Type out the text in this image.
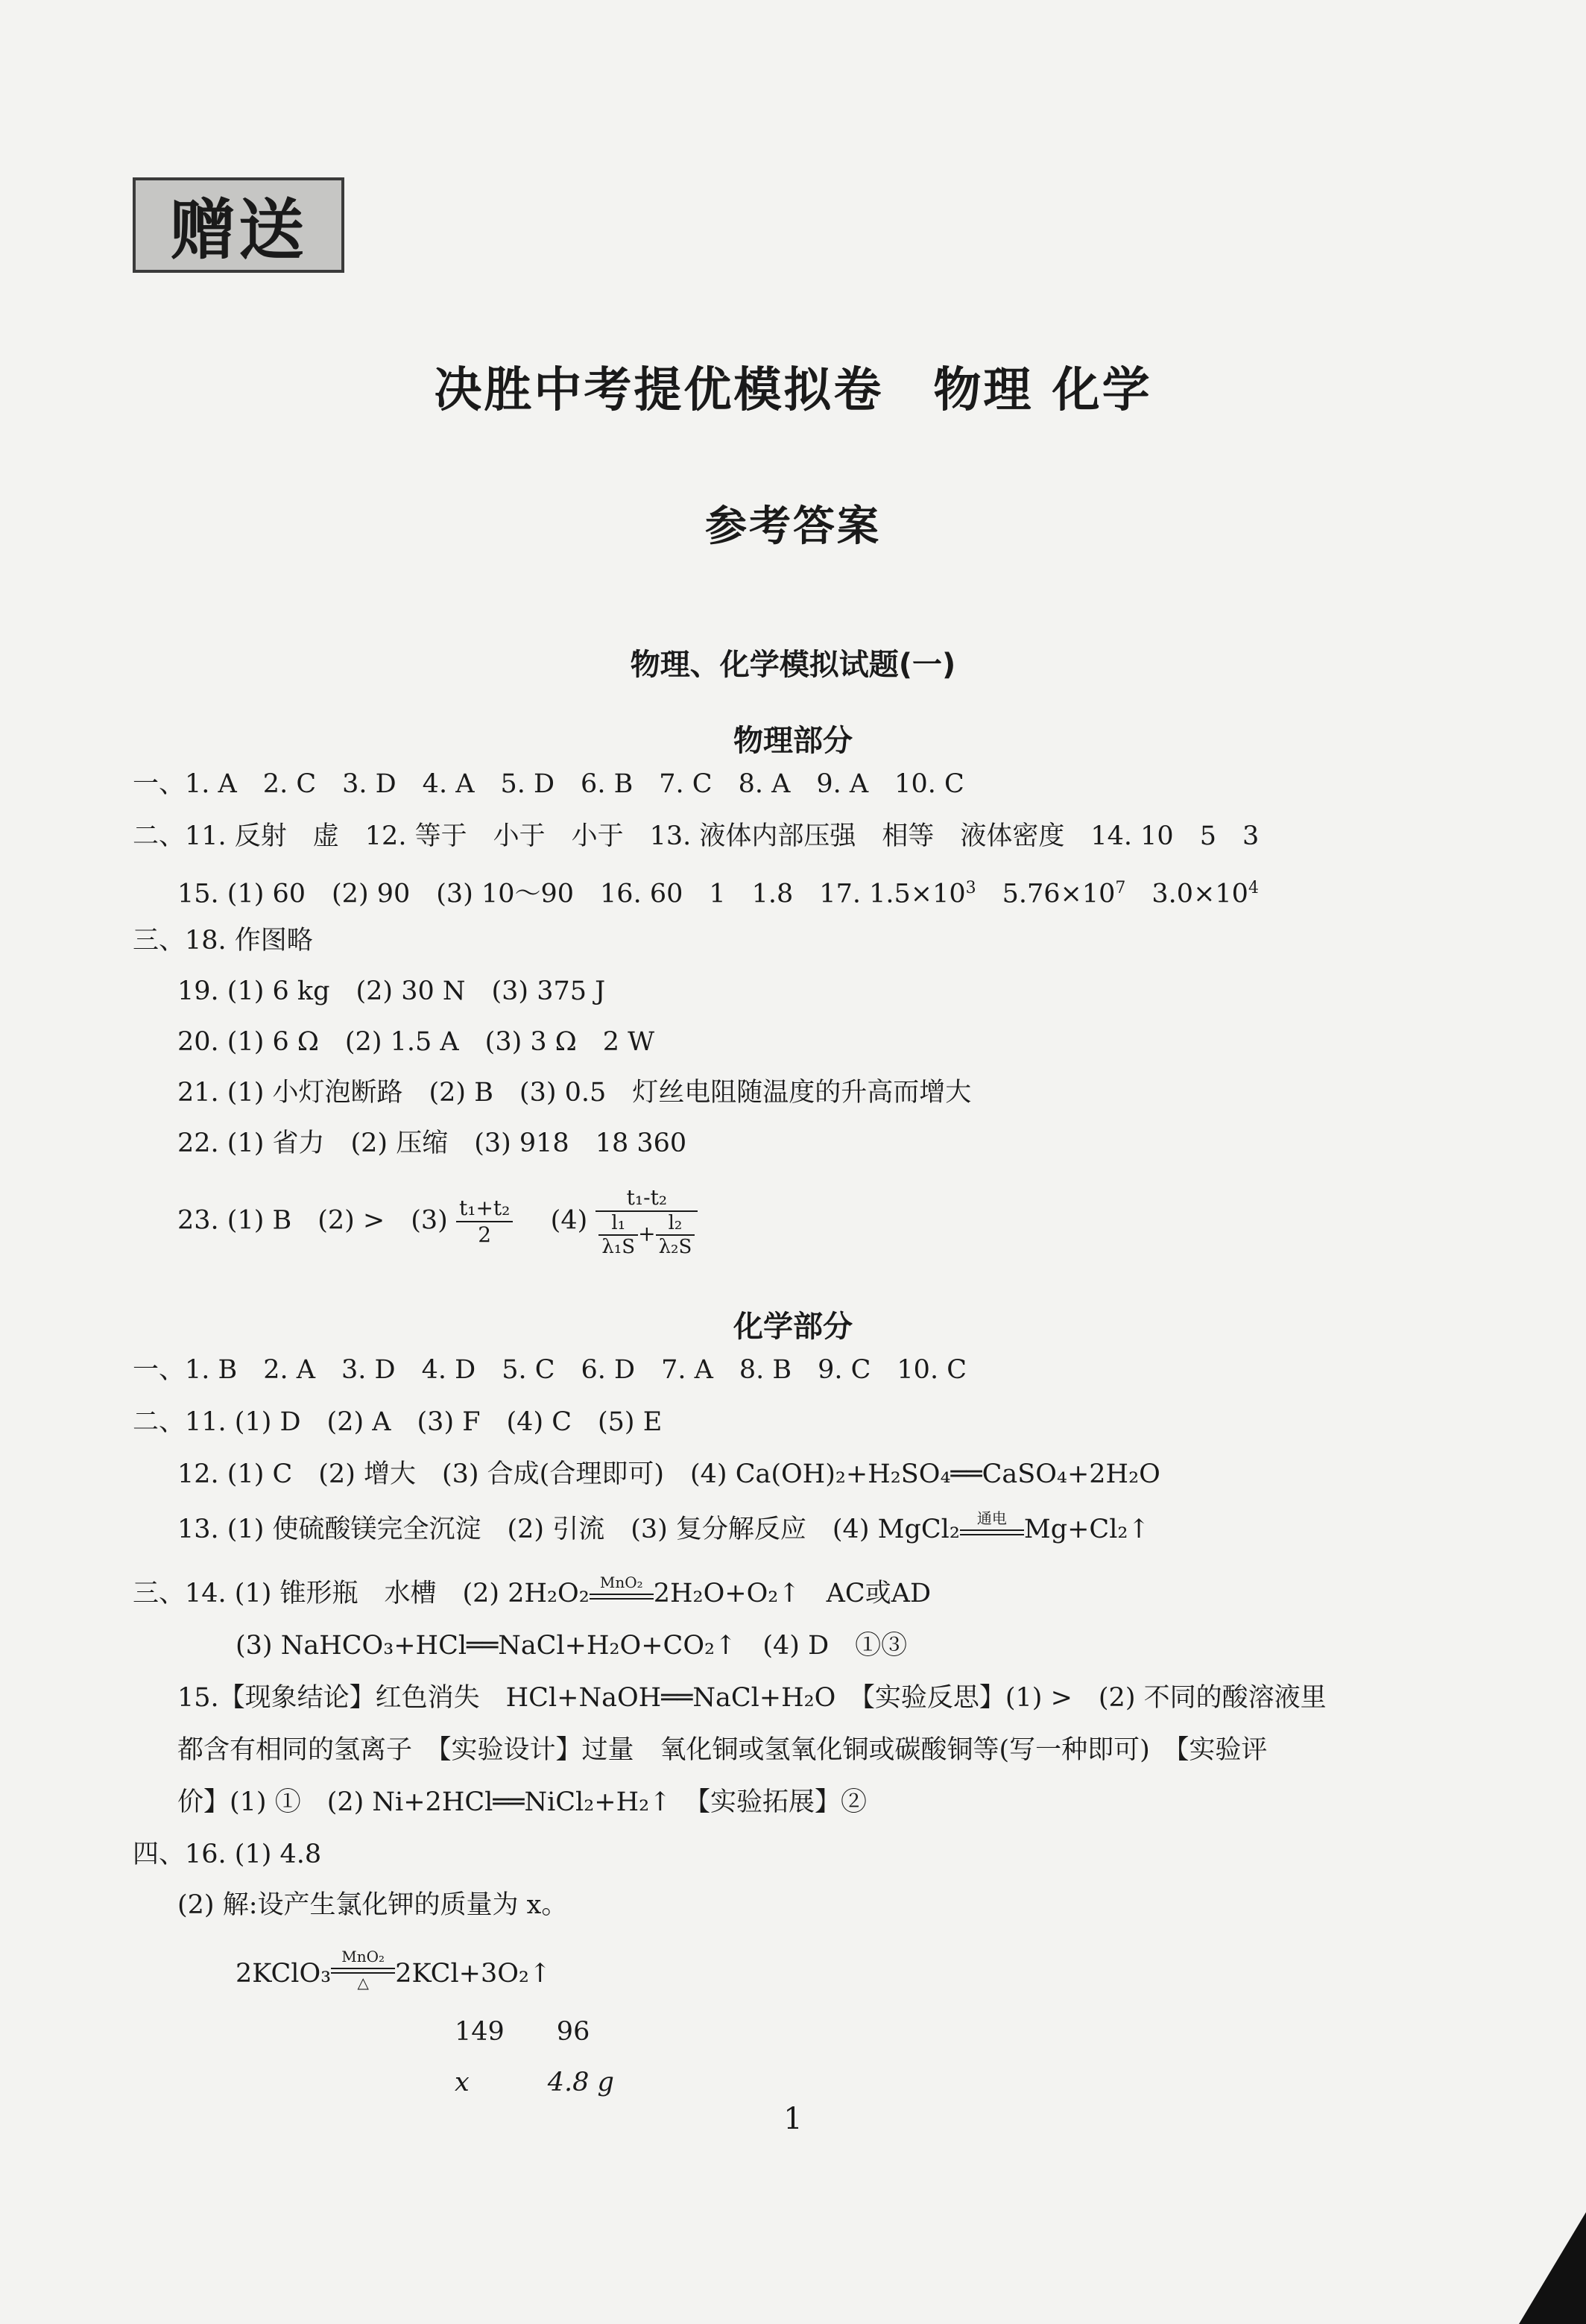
赠送
决胜中考提优模拟卷　物理 化学
参考答案
物理、化学模拟试题(一)
物理部分
一、1. A　2. C　3. D　4. A　5. D　6. B　7. C　8. A　9. A　10. C
二、11. 反射　虚　12. 等于　小于　小于　13. 液体内部压强　相等　液体密度　14. 10　5　3
15. (1) 60　(2) 90　(3) 10～90　16. 60　1　1.8　17. $1.5\times 10^3$　$5.76\times 10^7$　$3.0\times 10^4$
三、18. 作图略
19. (1) 6 kg　(2) 30 N　(3) 375 J
20. (1) 6 Ω　(2) 1.5 A　(3) 3 Ω　2 W
21. (1) 小灯泡断路　(2) B　(3) 0.5　灯丝电阻随温度的升高而增大
22. (1) 省力　(2) 压缩　(3) 918　18 360
23. (1) B　(2) >　$(3) \frac{\text{t₁+t₂}}{2} (4) \frac{\text{t₁-t₂}}{\frac{\text{l₁}}{\text{λ₁S}} + \frac{\text{l₂}}{\text{λ₂S}}}$
化学部分
一、1. B　2. A　3. D　4. D　5. C　6. D　7. A　8. B　9. C　10. C
二、11. (1) D　(2) A　(3) F　(4) C　(5) E
12. (1) C　(2) 增大　(3) 合成(合理即可)　(4) Ca(OH)₂+H₂SO₄══CaSO₄+2H₂O
13. (1) 使硫酸镁完全沉淀　(2) 引流　(3) 复分解反应　(4) MgCl₂	通电 Mg+Cl₂↑
三、14. (1) 锥形瓶　水槽　(2) 2H₂O₂ MnO₂ 2H₂O+O₂↑　AC或AD
(3) NaHCO₃+HCl══NaCl+H₂O+CO₂↑　(4) D　①③
15.【现象结论】红色消失　HCl+NaOH══NaCl+H₂O　【实验反思】(1) >　(2) 不同的酸溶液里
都含有相同的氢离子　【实验设计】过量　氧化铜或氢氧化铜或碳酸铜等(写一种即可)　【实验评
价】(1) ①　(2) Ni+2HCl══NiCl₂+H₂↑　【实验拓展】②
四、16. (1) 4.8
(2) 解:设产生氯化钾的质量为 x。
2KClO₃
MnO₂
△	2KCl+3O₂↑
149　　96
x　　　4.8 g
1
